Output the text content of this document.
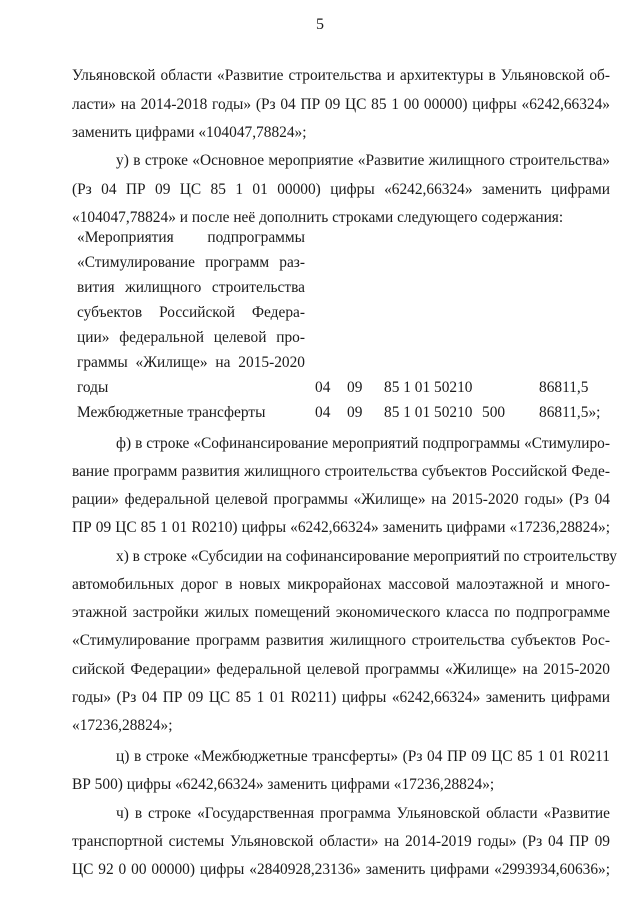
5
Ульяновской области «Развитие строительства и архитектуры в Ульяновской об-
ласти» на 2014-2018 годы» (Рз 04 ПР 09 ЦС 85 1 00 00000) цифры «6242,66324»
заменить цифрами «104047,78824»;
у) в строке «Основное мероприятие «Развитие жилищного строительства»
(Рз 04 ПР 09 ЦС 85 1 01 00000) цифры «6242,66324» заменить цифрами
«104047,78824» и после неё дополнить строками следующего содержания:
«Мероприятия подпрограммы
«Стимулирование программ раз-
вития жилищного строительства
субъектов Российской Федера-
ции» федеральной целевой про-
граммы «Жилище» на 2015-2020
годы	04 09 85 1 01 50210	86811,5
Межбюджетные трансферты	04 09 85 1 01 50210 500 86811,5»;
ф) в строке «Софинансирование мероприятий подпрограммы «Стимулиро-
вание программ развития жилищного строительства субъектов Российской Феде-
рации» федеральной целевой программы «Жилище» на 2015-2020 годы» (Рз 04
ПР 09 ЦС 85 1 01 R0210) цифры «6242,66324» заменить цифрами «17236,28824»;
х) в строке «Субсидии на софинансирование мероприятий по строительству
автомобильных дорог в новых микрорайонах массовой малоэтажной и много-
этажной застройки жилых помещений экономического класса по подпрограмме
«Стимулирование программ развития жилищного строительства субъектов Рос-
сийской Федерации» федеральной целевой программы «Жилище» на 2015-2020
годы» (Рз 04 ПР 09 ЦС 85 1 01 R0211) цифры «6242,66324» заменить цифрами
«17236,28824»;
ц) в строке «Межбюджетные трансферты» (Рз 04 ПР 09 ЦС 85 1 01 R0211
ВР 500) цифры «6242,66324» заменить цифрами «17236,28824»;
ч) в строке «Государственная программа Ульяновской области «Развитие
транспортной системы Ульяновской области» на 2014-2019 годы» (Рз 04 ПР 09
ЦС 92 0 00 00000) цифры «2840928,23136» заменить цифрами «2993934,60636»;
